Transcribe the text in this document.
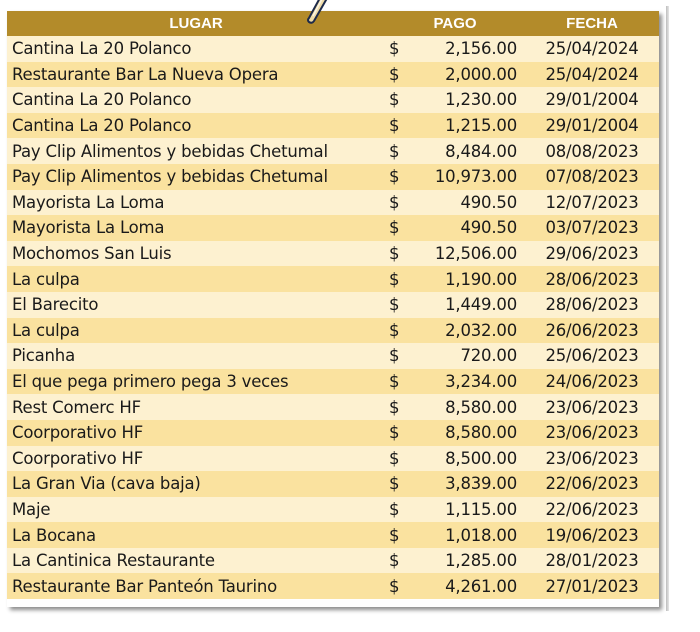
LUGAR	PAGO		FECHA
Cantina La 20 Polanco	$	2,156.00	25/04/2024
Restaurante Bar La Nueva Opera	$	2,000.00	25/04/2024
Cantina La 20 Polanco	$	1,230.00	29/01/2004
Cantina La 20 Polanco	$	1,215.00	29/01/2004
Pay Clip Alimentos y bebidas Chetumal	$	8,484.00	08/08/2023
Pay Clip Alimentos y bebidas Chetumal	$	10,973.00	07/08/2023
Mayorista La Loma	$	490.50	12/07/2023
Mayorista La Loma	$	490.50	03/07/2023
Mochomos San Luis	$	12,506.00	29/06/2023
La culpa	$	1,190.00	28/06/2023
El Barecito	$	1,449.00	28/06/2023
La culpa	$	2,032.00	26/06/2023
Picanha	$	720.00	25/06/2023
El que pega primero pega 3 veces	$	3,234.00	24/06/2023
Rest Comerc HF	$	8,580.00	23/06/2023
Coorporativo HF	$	8,580.00	23/06/2023
Coorporativo HF	$	8,500.00	23/06/2023
La Gran Via (cava baja)	$	3,839.00	22/06/2023
Maje	$	1,115.00	22/06/2023
La Bocana	$	1,018.00	19/06/2023
La Cantinica Restaurante	$	1,285.00	28/01/2023
Restaurante Bar Panteón Taurino	$	4,261.00	27/01/2023
